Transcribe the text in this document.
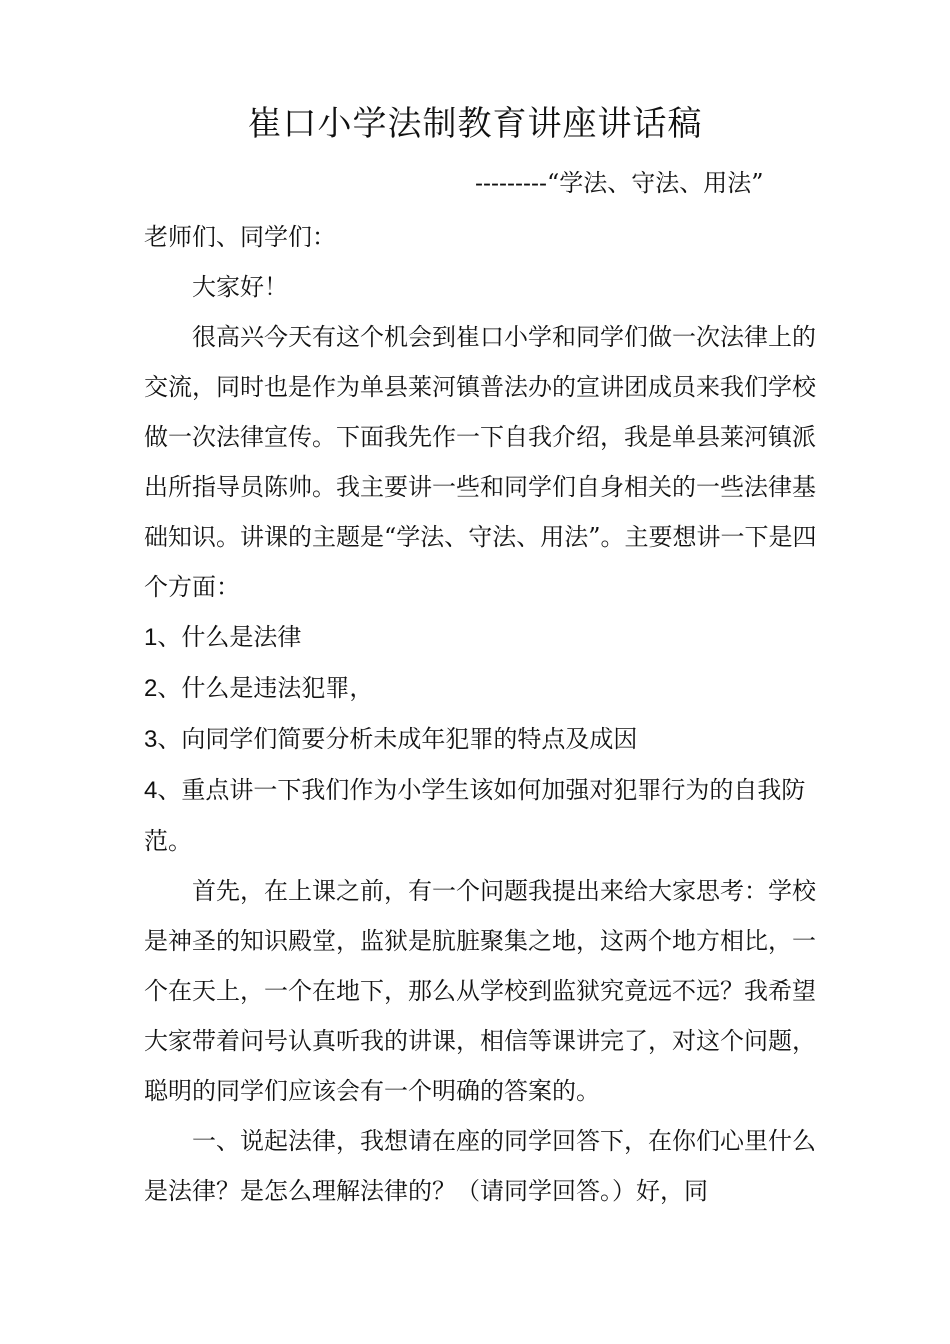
崔口小学法制教育讲座讲话稿
---------“学法、守法、用法”

老师们、同学们：

大家好！

很高兴今天有这个机会到崔口小学和同学们做一次法律上的交流，同时也是作为单县莱河镇普法办的宣讲团成员来我们学校做一次法律宣传。下面我先作一下自我介绍，我是单县莱河镇派出所指导员陈帅。我主要讲一些和同学们自身相关的一些法律基础知识。讲课的主题是“学法、守法、用法”。主要想讲一下是四个方面：

1、什么是法律

2、什么是违法犯罪，

3、向同学们简要分析未成年犯罪的特点及成因

4、重点讲一下我们作为小学生该如何加强对犯罪行为的自我防范。

首先，在上课之前，有一个问题我提出来给大家思考：学校是神圣的知识殿堂，监狱是肮脏聚集之地，这两个地方相比，一个在天上，一个在地下，那么从学校到监狱究竟远不远？我希望大家带着问号认真听我的讲课，相信等课讲完了，对这个问题，聪明的同学们应该会有一个明确的答案的。

一、说起法律，我想请在座的同学回答下，在你们心里什么是法律？是怎么理解法律的？（请同学回答。）好，同
